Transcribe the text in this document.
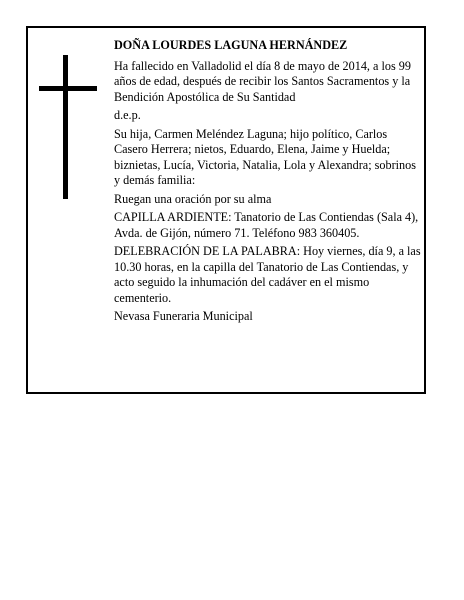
DOÑA LOURDES LAGUNA HERNÁNDEZ

Ha fallecido en Valladolid el día 8 de mayo de 2014, a los 99 años de edad, después de recibir los Santos Sacramentos y la Bendición Apostólica de Su Santidad

d.e.p.

Su hija, Carmen Meléndez Laguna; hijo político, Carlos Casero Herrera; nietos, Eduardo, Elena, Jaime y Huelda; biznietas, Lucía, Victoria, Natalia, Lola y Alexandra; sobrinos y demás familia:

Ruegan una oración por su alma

CAPILLA ARDIENTE: Tanatorio de Las Contiendas (Sala 4), Avda. de Gijón, número 71. Teléfono 983 360405.

DELEBRACIÓN DE LA PALABRA: Hoy viernes, día 9, a las 10.30 horas, en la capilla del Tanatorio de Las Contiendas, y acto seguido la inhumación del cadáver en el mismo cementerio.

Nevasa Funeraria Municipal
